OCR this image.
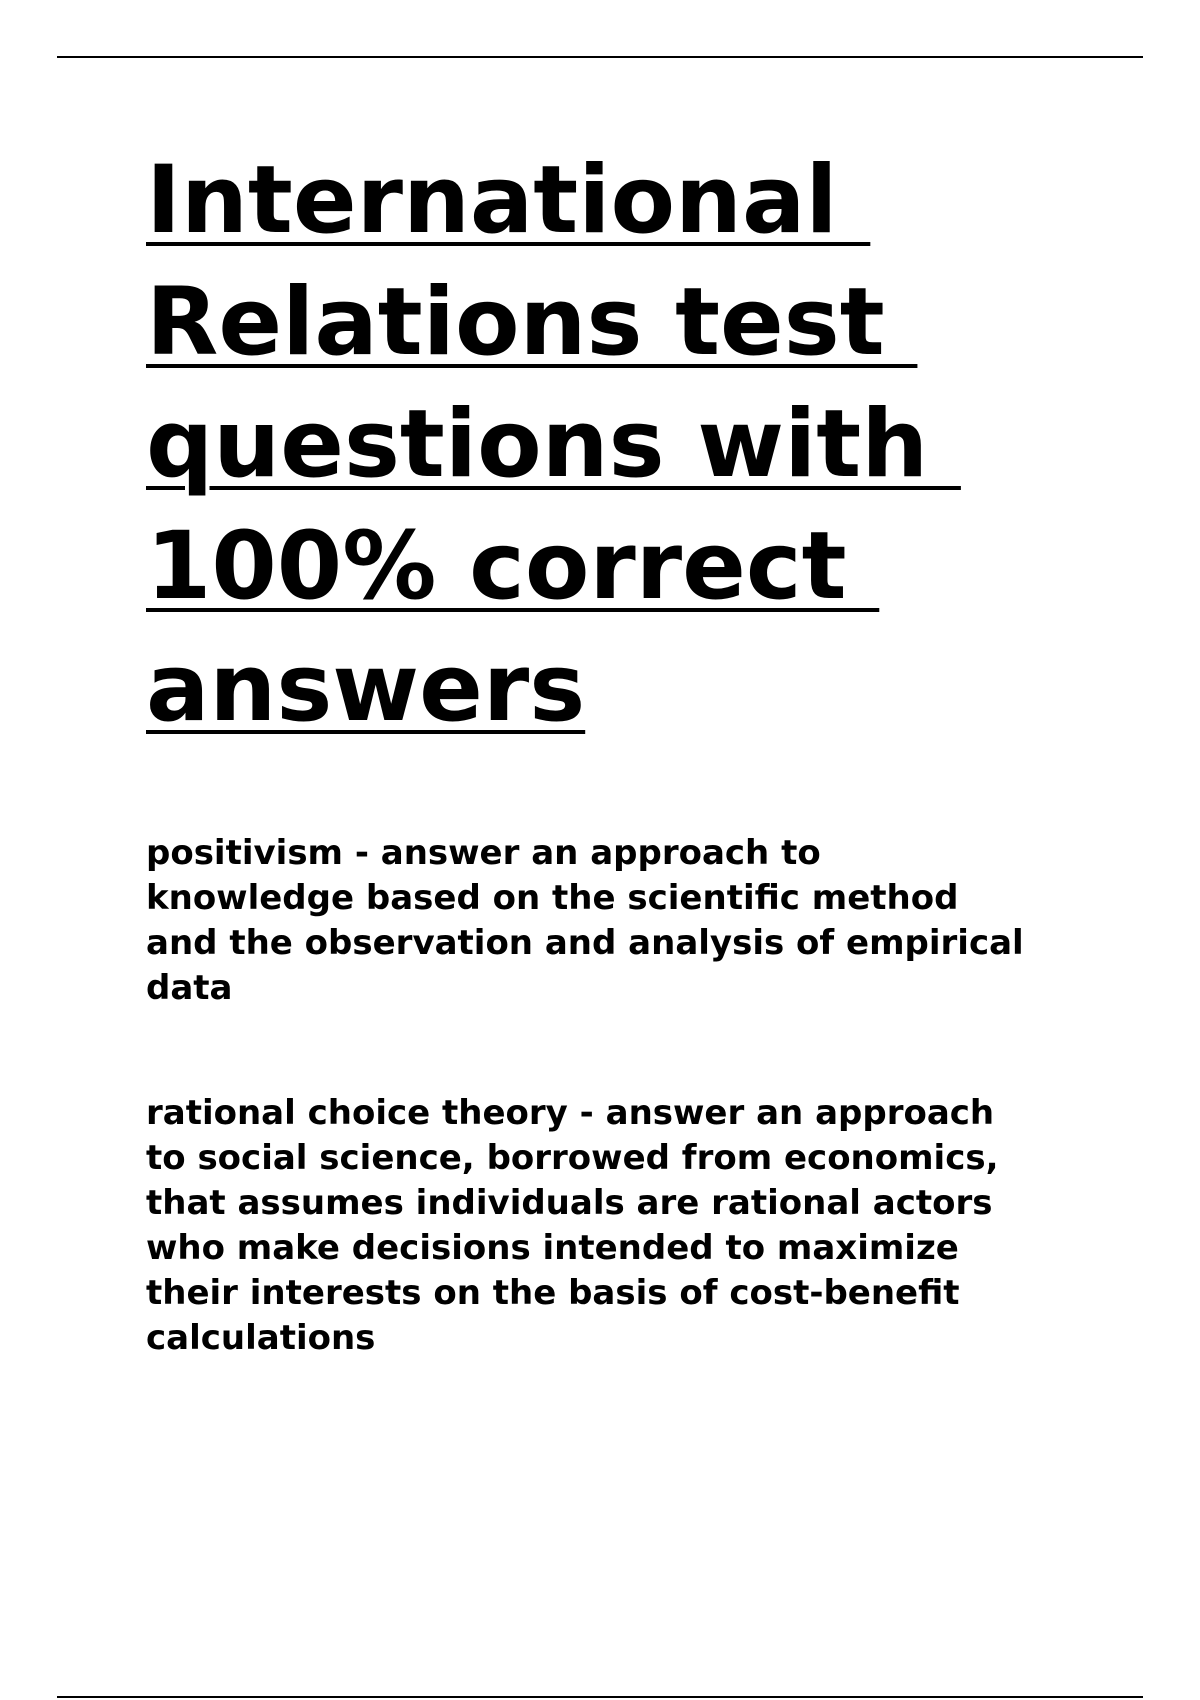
International
Relations test
questions with
100% correct
answers

positivism - answer an approach to
knowledge based on the scientific method
and the observation and analysis of empirical
data

rational choice theory - answer an approach
to social science, borrowed from economics,
that assumes individuals are rational actors
who make decisions intended to maximize
their interests on the basis of cost-benefit
calculations
